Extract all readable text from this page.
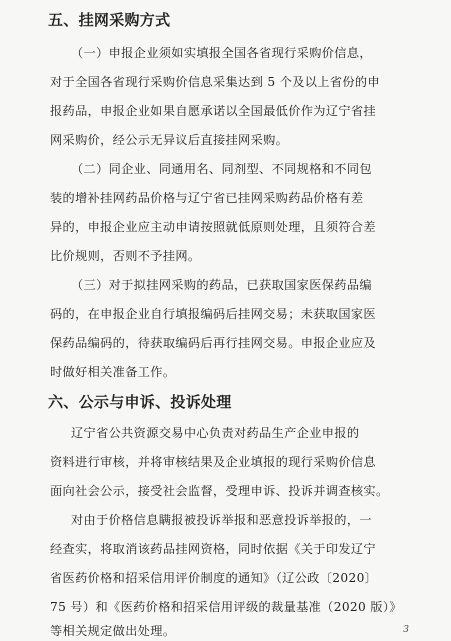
五、挂网采购方式
（一）申报企业须如实填报全国各省现行采购价信息，
对于全国各省现行采购价信息采集达到 5 个及以上省份的申
报药品，申报企业如果自愿承诺以全国最低价作为辽宁省挂
网采购价，经公示无异议后直接挂网采购。
（二）同企业、同通用名、同剂型、不同规格和不同包
装的增补挂网药品价格与辽宁省已挂网采购药品价格有差
异的，申报企业应主动申请按照就低原则处理，且须符合差
比价规则，否则不予挂网。
（三）对于拟挂网采购的药品，已获取国家医保药品编
码的，在申报企业自行填报编码后挂网交易；未获取国家医
保药品编码的，待获取编码后再行挂网交易。申报企业应及
时做好相关准备工作。
六、公示与申诉、投诉处理
辽宁省公共资源交易中心负责对药品生产企业申报的
资料进行审核，并将审核结果及企业填报的现行采购价信息
面向社会公示，接受社会监督，受理申诉、投诉并调查核实。
对由于价格信息瞒报被投诉举报和恶意投诉举报的，一
经查实，将取消该药品挂网资格，同时依据《关于印发辽宁
省医药价格和招采信用评价制度的通知》（辽公政〔2020〕
75 号）和《医药价格和招采信用评级的裁量基准（2020 版）》
等相关规定做出处理。	3
